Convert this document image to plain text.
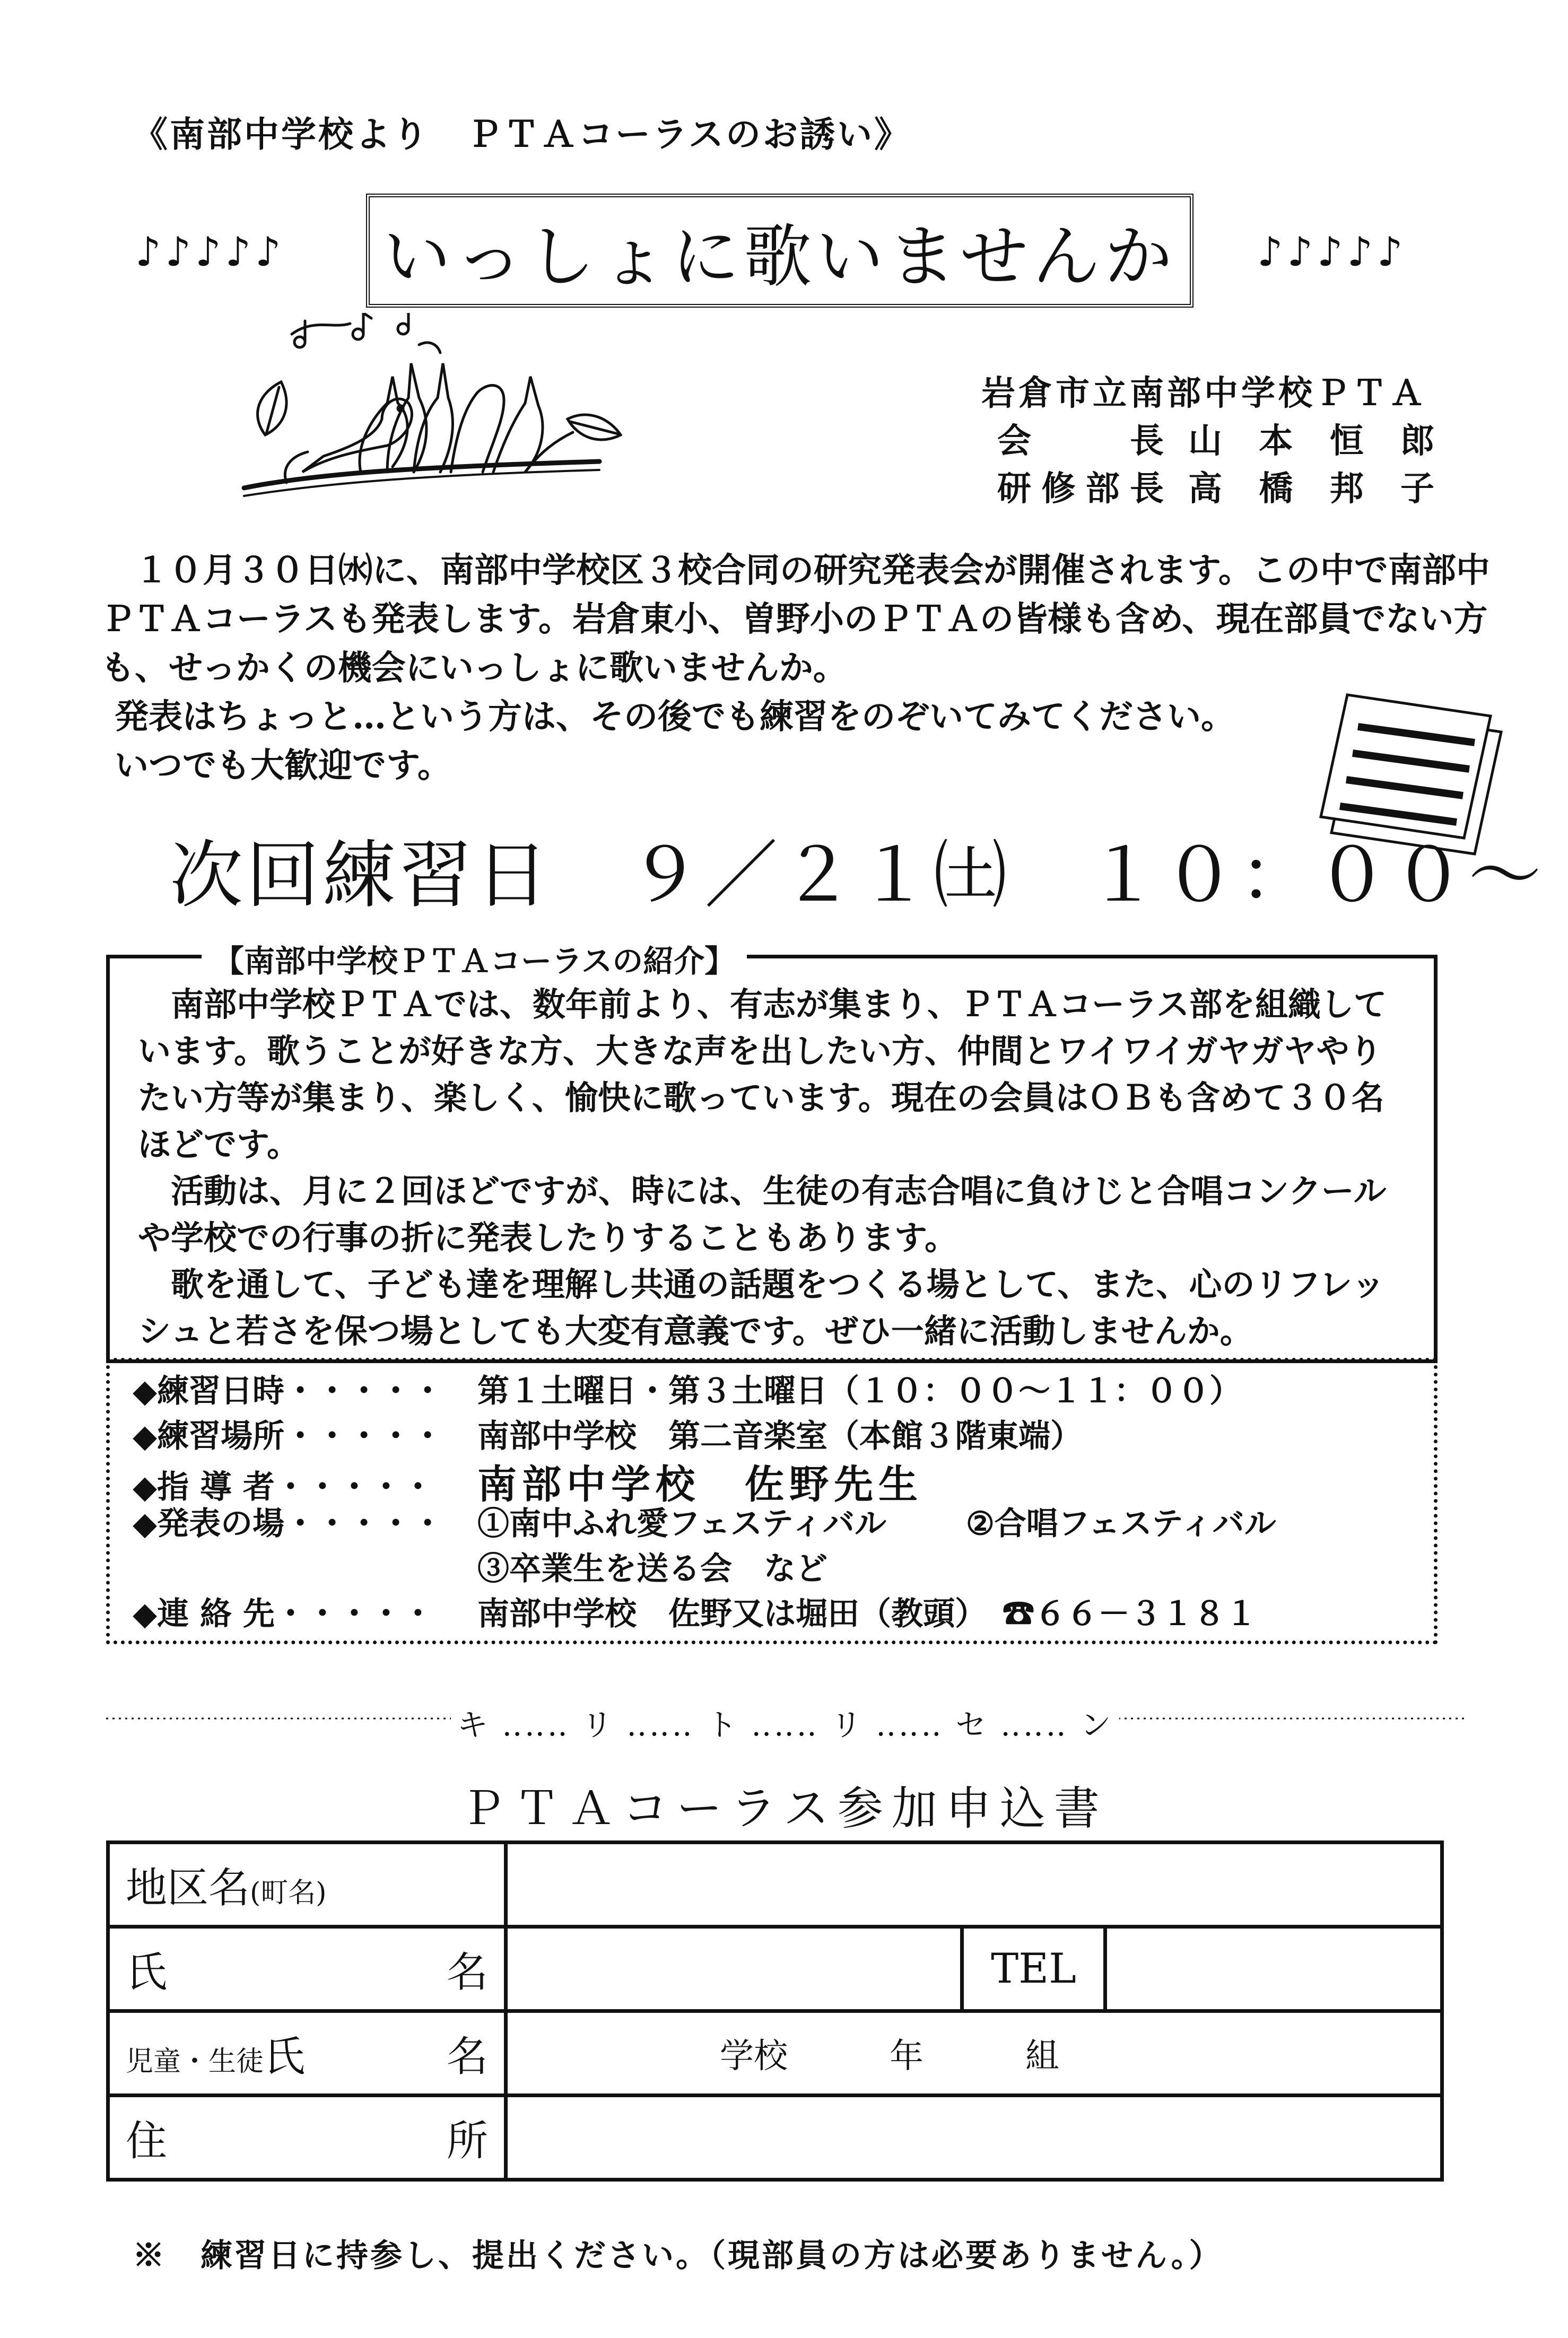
《南部中学校より　ＰＴＡコーラスのお誘い》
♪♪♪♪♪ いっしょに歌いませんか	♪♪♪♪♪
岩倉市立南部中学校ＰＴＡ
会長 山本恒郎
研修部長 高橋邦子

１０月３０日㈬に、南部中学校区３校合同の研究発表会が開催されます。この中で南部中ＰＴＡコーラスも発表します。岩倉東小、曽野小のＰＴＡの皆様も含め、現在部員でない方も、せっかくの機会にいっしょに歌いませんか。

発表はちょっと…という方は、その後でも練習をのぞいてみてください。

いつでも大歓迎です。

次回練習日　９／２１㈯　１０：００～
【南部中学校ＰＴＡコーラスの紹介】

南部中学校ＰＴＡでは、数年前より、有志が集まり、ＰＴＡコーラス部を組織しています。歌うことが好きな方、大きな声を出したい方、仲間とワイワイガヤガヤやりたい方等が集まり、楽しく、愉快に歌っています。現在の会員はＯＢも含めて３０名ほどです。

活動は、月に２回ほどですが、時には、生徒の有志合唱に負けじと合唱コンクールや学校での行事の折に発表したりすることもあります。

歌を通して、子ども達を理解し共通の話題をつくる場として、また、心のリフレッシュと若さを保つ場としても大変有意義です。ぜひ一緒に活動しませんか。

◆練習日時・・・・・ 第１土曜日・第３土曜日（１０：００～１１：００）
◆練習場所・・・・・ 南部中学校　第二音楽室（本館３階東端）
◆指 導 者・・・・・ 南部中学校　佐野先生
◆発表の場・・・・・ ①南中ふれ愛フェスティバル	②合唱フェスティバル
③卒業生を送る会　など
◆連 絡 先・・・・・ 南部中学校　佐野又は堀田（教頭）　☎６６－３１８１
キ ‥‥‥ リ ‥‥‥ ト ‥‥‥ リ ‥‥‥ セ ‥‥‥ ン
ＰＴＡコーラス参加申込書
地区名(町名)			

氏 名		TEL	

児童・生徒氏 名	学校　　　年　　　組		

住 所			

※　練習日に持参し、提出ください。（現部員の方は必要ありません。）
